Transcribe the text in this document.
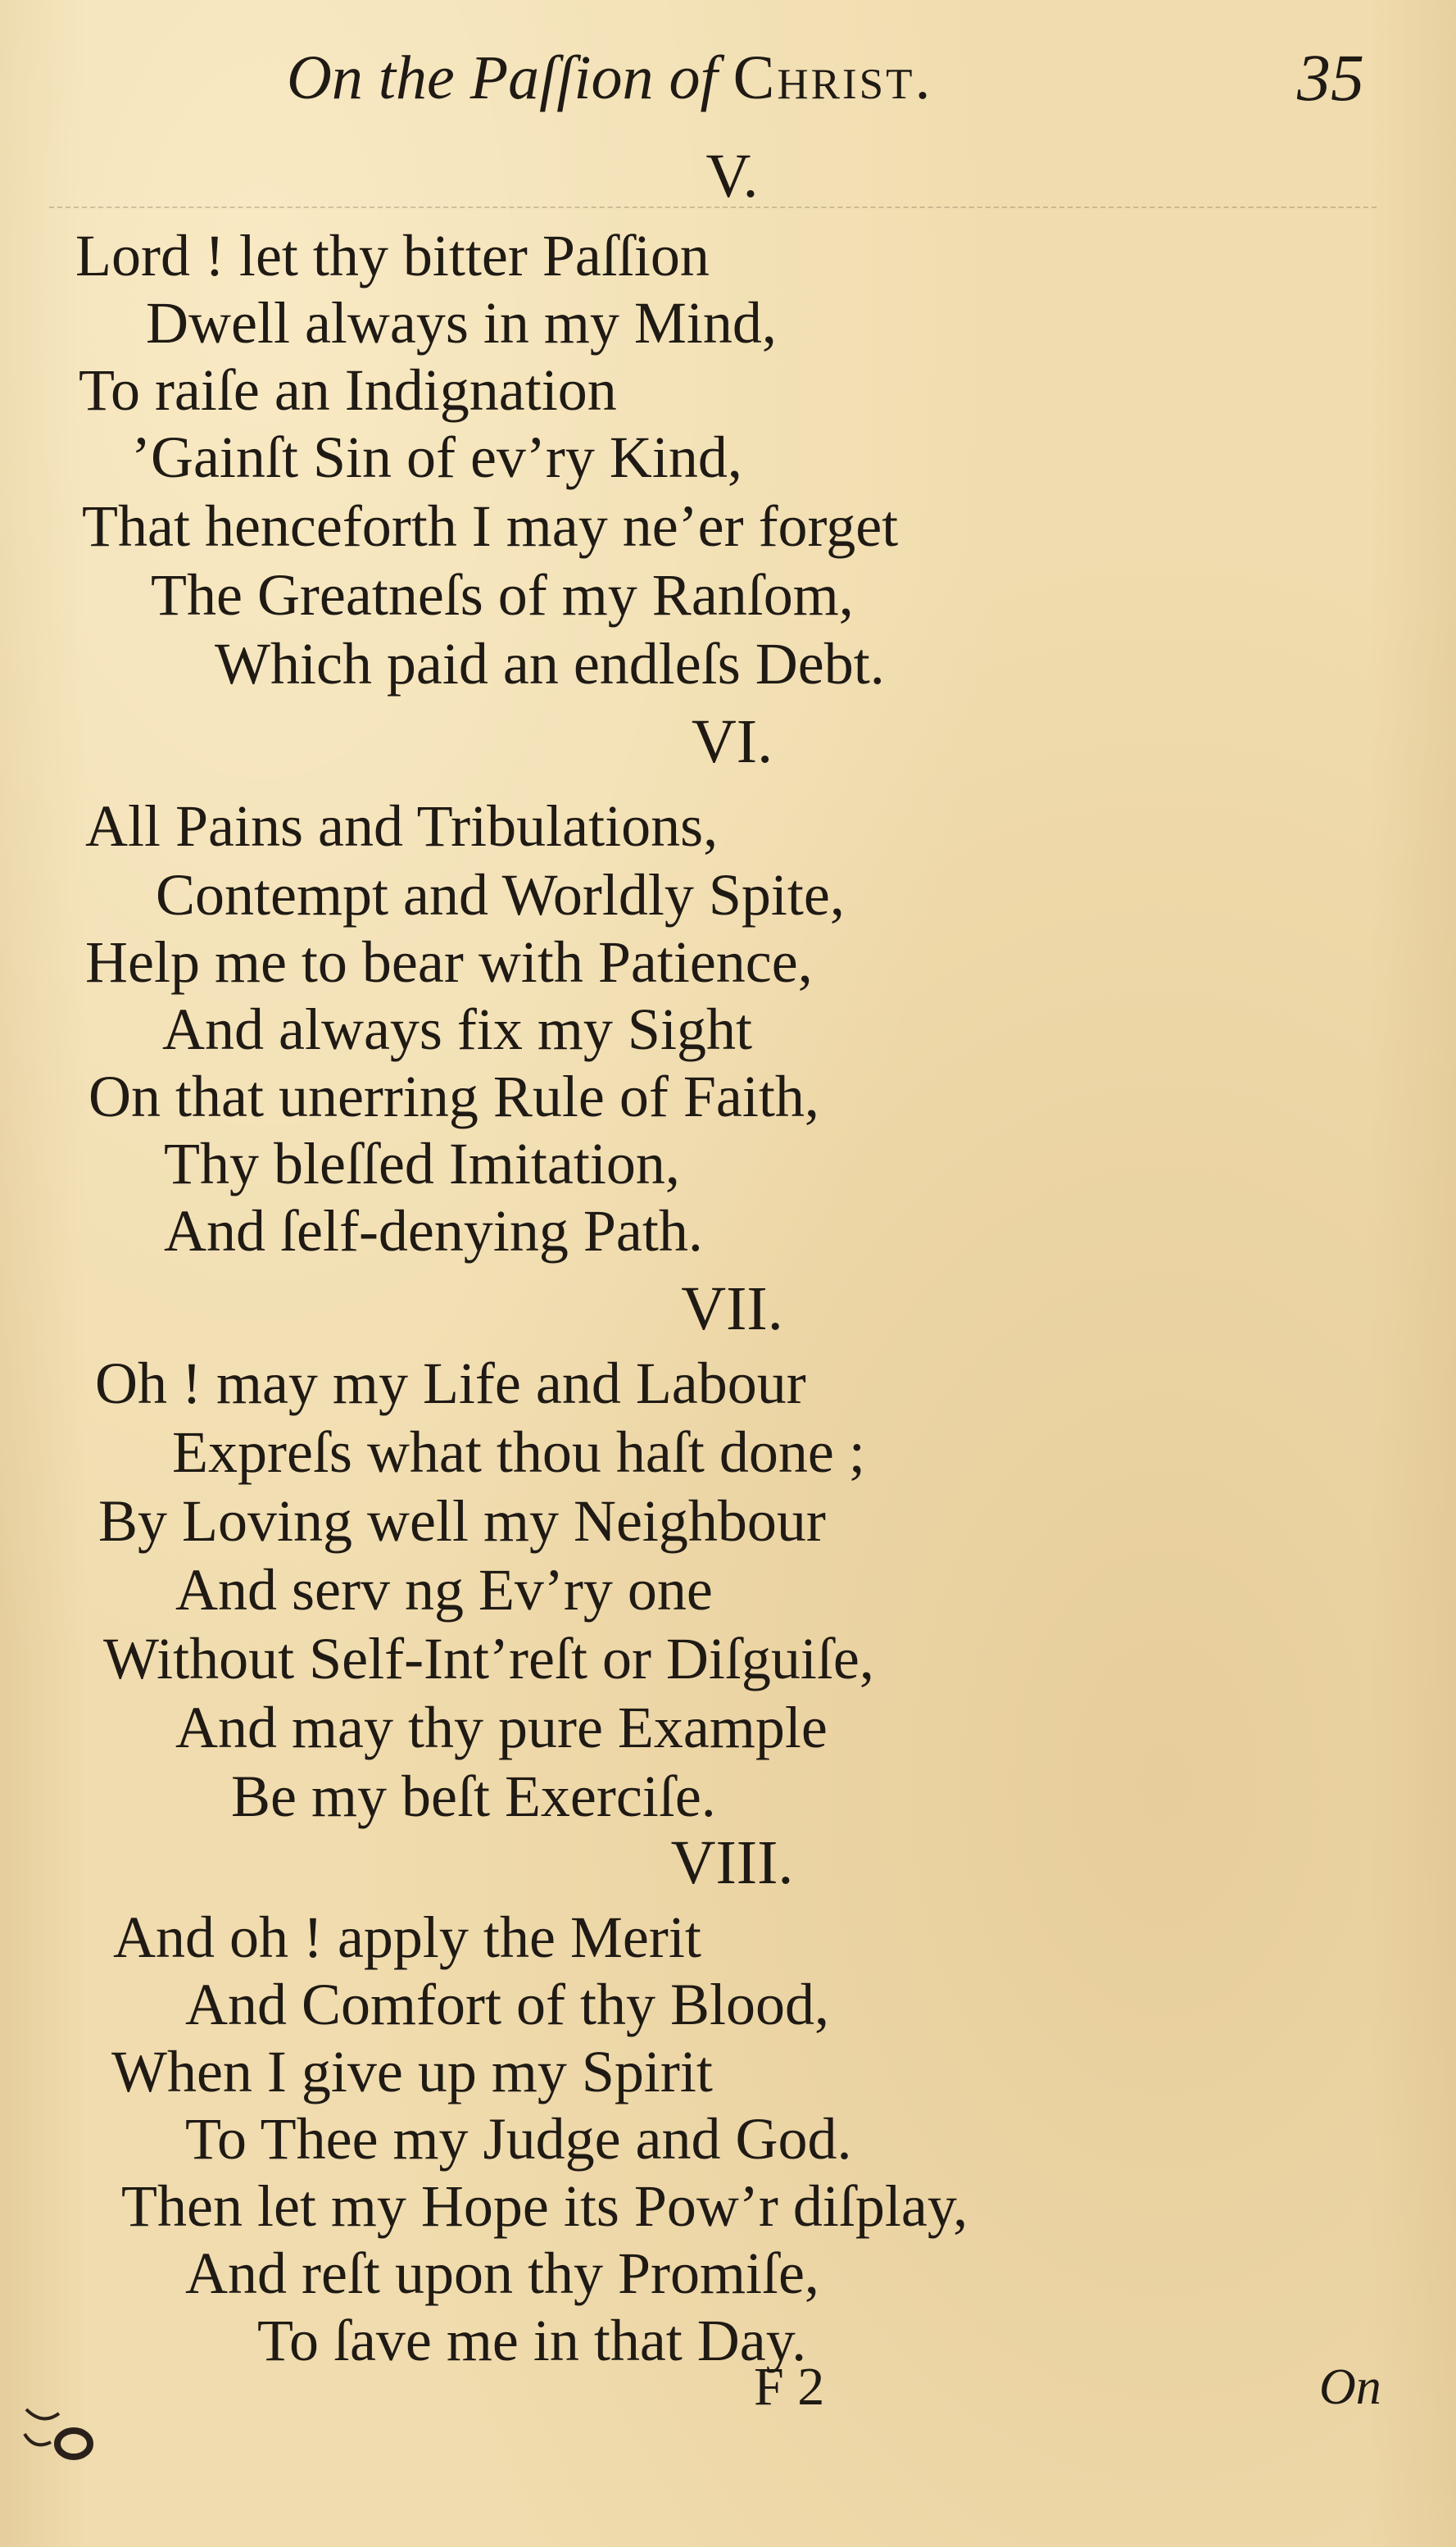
On the Paſſion of Christ.	35
V.
Lord ! let thy bitter Paſſion
Dwell always in my Mind,
To raiſe an Indignation
’Gainſt Sin of ev’ry Kind,
That henceforth I may ne’er forget
The Greatneſs of my Ranſom,
Which paid an endleſs Debt.
VI.
All Pains and Tribulations,
Contempt and Worldly Spite,
Help me to bear with Patience,
And always fix my Sight
On that unerring Rule of Faith,
Thy bleſſed Imitation,
And ſelf-denying Path.
VII.
Oh ! may my Life and Labour
Expreſs what thou haſt done ;
By Loving well my Neighbour
And serv ng Ev’ry one
Without Self-Int’reſt or Diſguiſe,
And may thy pure Example
Be my beſt Exerciſe.
VIII.
And oh ! apply the Merit
And Comfort of thy Blood,
When I give up my Spirit
To Thee my Judge and God.
Then let my Hope its Pow’r diſplay,
And reſt upon thy Promiſe,
To ſave me in that Day.
F 2	On
